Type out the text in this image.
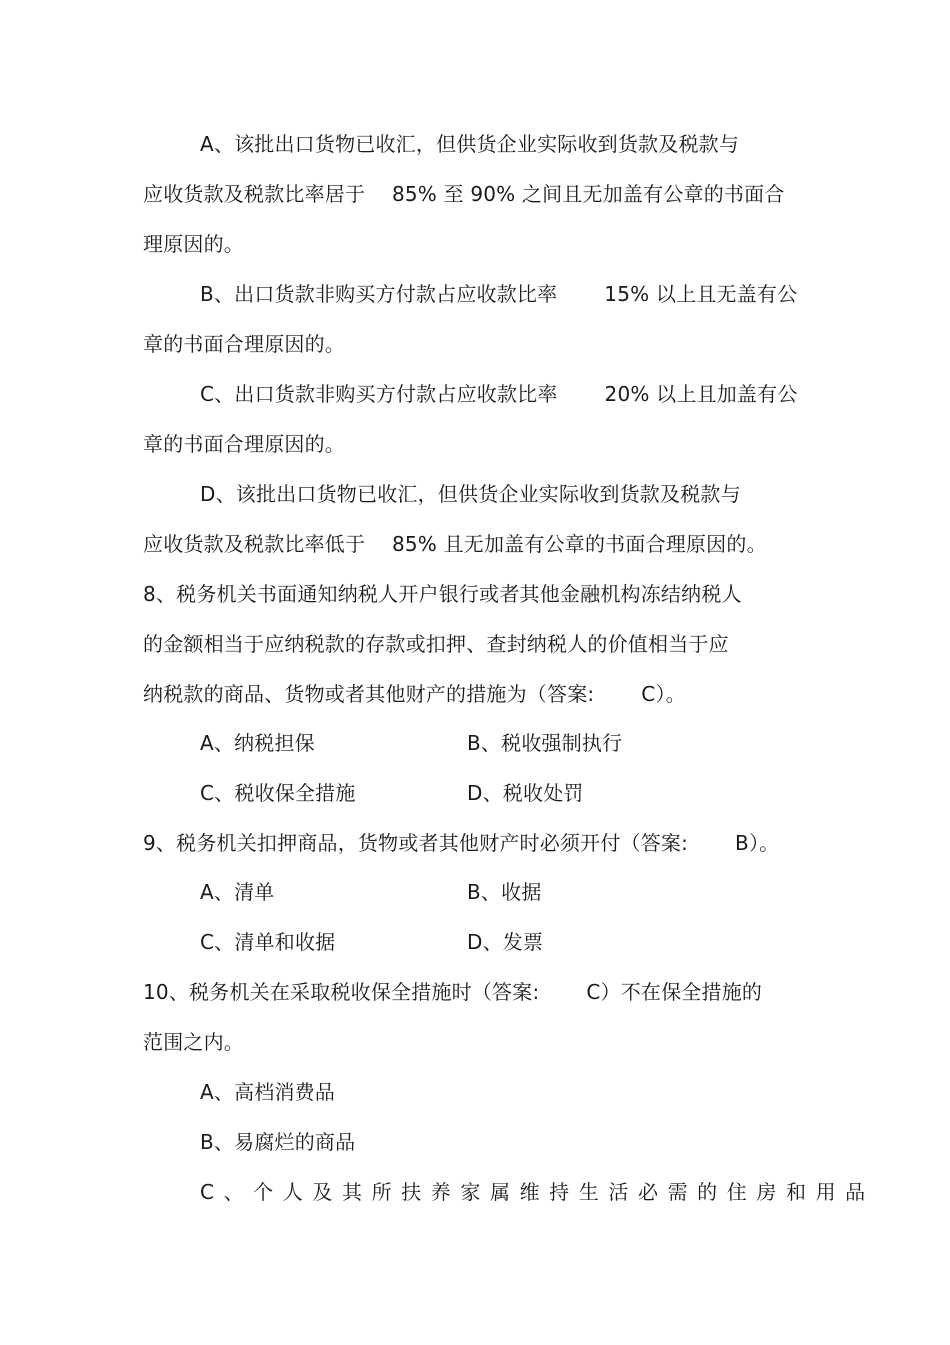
A、该批出口货物已收汇，但供货企业实际收到货款及税款与
应收货款及税款比率居于 　85% 至 90% 之间且无加盖有公章的书面合
理原因的。
B、出口货款非购买方付款占应收款比率 　　15% 以上且无盖有公
章的书面合理原因的。
C、出口货款非购买方付款占应收款比率 　　20% 以上且加盖有公
章的书面合理原因的。
D、该批出口货物已收汇，但供货企业实际收到货款及税款与
应收货款及税款比率低于 　85% 且无加盖有公章的书面合理原因的。
8、税务机关书面通知纳税人开户银行或者其他金融机构冻结纳税人
的金额相当于应纳税款的存款或扣押、查封纳税人的价值相当于应
纳税款的商品、货物或者其他财产的措施为（答案: 　　C）。
A、纳税担保	B、税收强制执行
C、税收保全措施	D、税收处罚
9、税务机关扣押商品，货物或者其他财产时必须开付（答案: 　　B）。
A、清单	B、收据
C、清单和收据	D、发票
10、税务机关在采取税收保全措施时（答案: 　　C）不在保全措施的
范围之内。
A、高档消费品
B、易腐烂的商品
C、个人及其所扶养家属维持生活必需的住房和用品
